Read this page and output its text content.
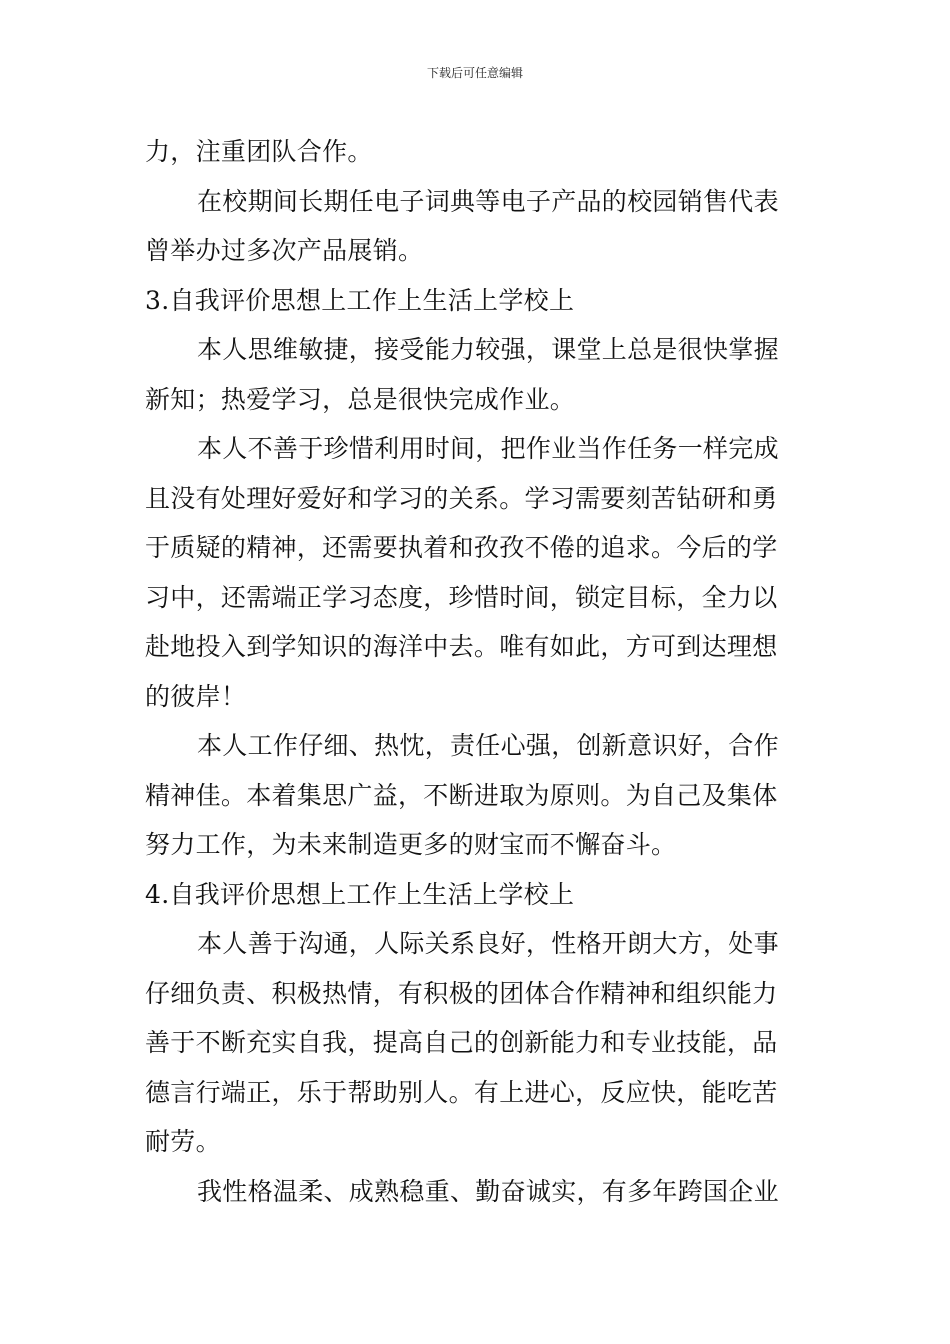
下载后可任意编辑
力，注重团队合作。
在校期间长期任电子词典等电子产品的校园销售代表
曾举办过多次产品展销。
3.自我评价思想上工作上生活上学校上
本人思维敏捷，接受能力较强，课堂上总是很快掌握
新知；热爱学习，总是很快完成作业。
本人不善于珍惜利用时间，把作业当作任务一样完成
且没有处理好爱好和学习的关系。学习需要刻苦钻研和勇
于质疑的精神，还需要执着和孜孜不倦的追求。今后的学
习中，还需端正学习态度，珍惜时间，锁定目标，全力以
赴地投入到学知识的海洋中去。唯有如此，方可到达理想
的彼岸！
本人工作仔细、热忱，责任心强，创新意识好，合作
精神佳。本着集思广益，不断进取为原则。为自己及集体
努力工作，为未来制造更多的财宝而不懈奋斗。
4.自我评价思想上工作上生活上学校上
本人善于沟通，人际关系良好，性格开朗大方，处事
仔细负责、积极热情，有积极的团体合作精神和组织能力
善于不断充实自我，提高自己的创新能力和专业技能，品
德言行端正，乐于帮助别人。有上进心，反应快，能吃苦
耐劳。
我性格温柔、成熟稳重、勤奋诚实，有多年跨国企业
